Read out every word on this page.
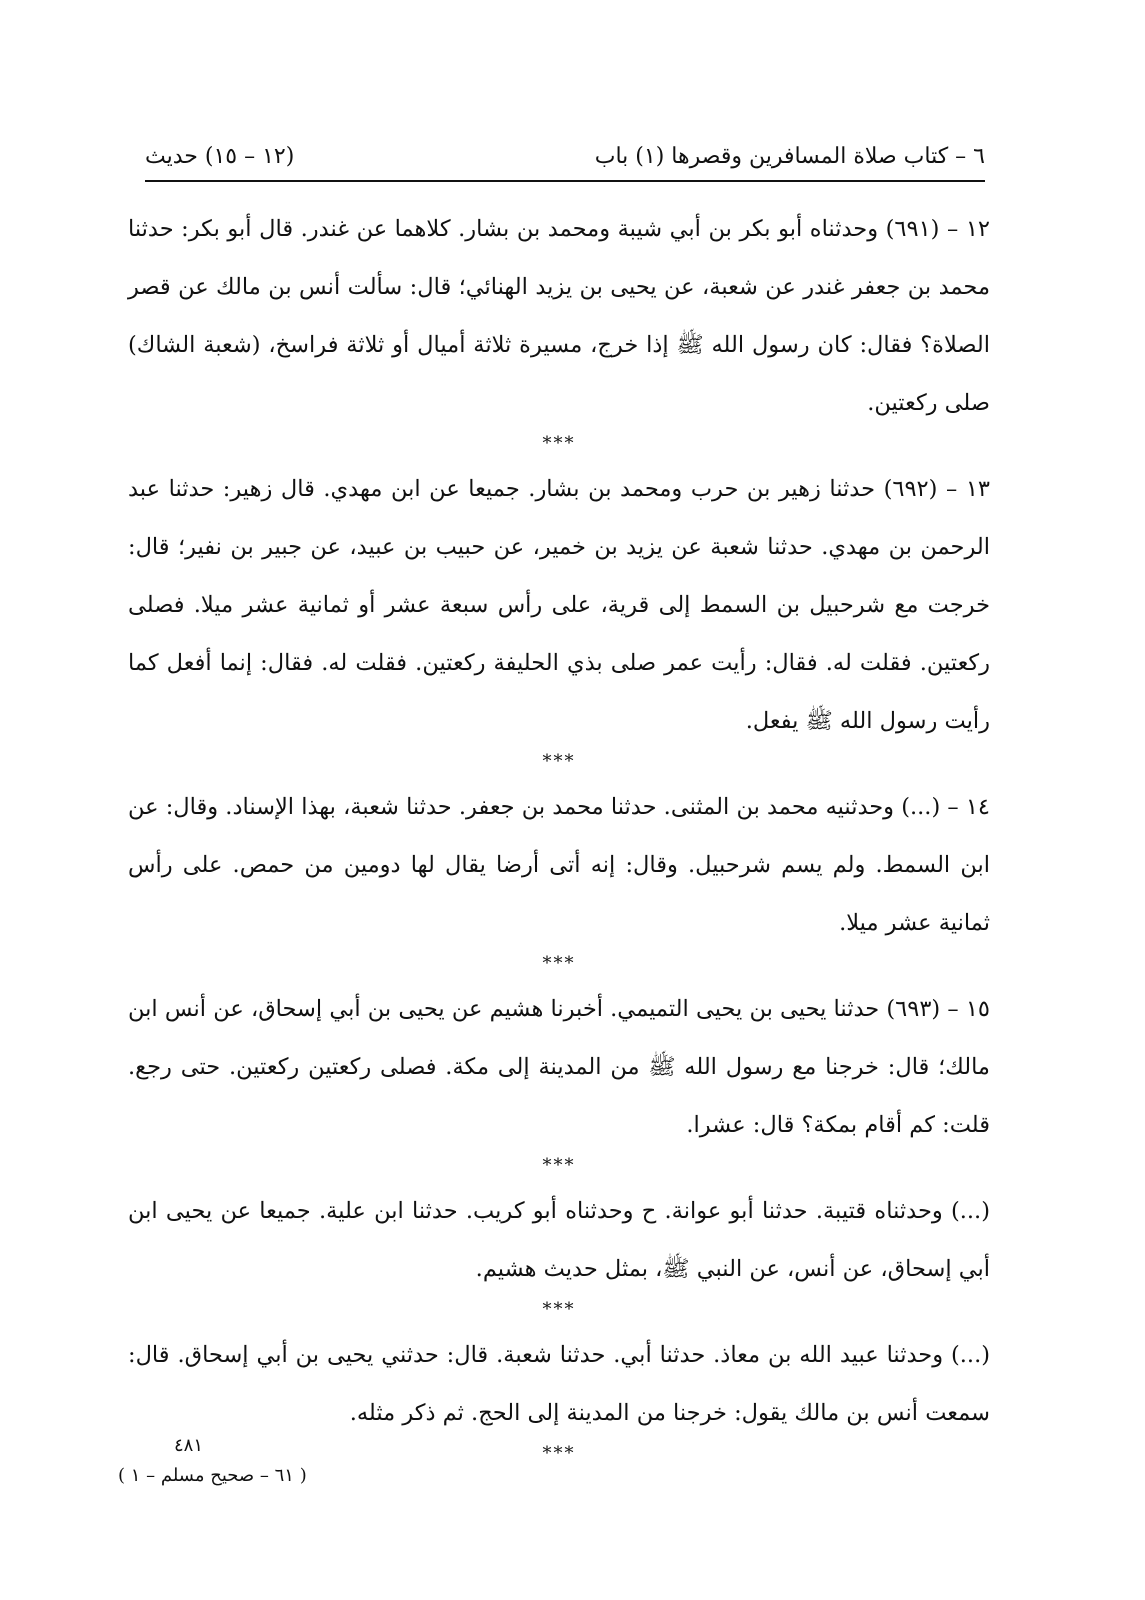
٦ – كتاب صلاة المسافرين وقصرها (١) باب
(١٢ – ١٥) حديث

١٢ – (٦٩١) وحدثناه أبو بكر بن أبي شيبة ومحمد بن بشار. كلاهما عن غندر. قال أبو بكر: حدثنا محمد بن جعفر غندر عن شعبة، عن يحيى بن يزيد الهنائي؛ قال: سألت أنس بن مالك عن قصر الصلاة؟ فقال: كان رسول الله ﷺ إذا خرج، مسيرة ثلاثة أميال أو ثلاثة فراسخ، (شعبة الشاك) صلى ركعتين.

***

١٣ – (٦٩٢) حدثنا زهير بن حرب ومحمد بن بشار. جميعا عن ابن مهدي. قال زهير: حدثنا عبد الرحمن بن مهدي. حدثنا شعبة عن يزيد بن خمير، عن حبيب بن عبيد، عن جبير بن نفير؛ قال: خرجت مع شرحبيل بن السمط إلى قرية، على رأس سبعة عشر أو ثمانية عشر ميلا. فصلى ركعتين. فقلت له. فقال: رأيت عمر صلى بذي الحليفة ركعتين. فقلت له. فقال: إنما أفعل كما رأيت رسول الله ﷺ يفعل.

***

١٤ – (...) وحدثنيه محمد بن المثنى. حدثنا محمد بن جعفر. حدثنا شعبة، بهذا الإسناد. وقال: عن ابن السمط. ولم يسم شرحبيل. وقال: إنه أتى أرضا يقال لها دومين من حمص. على رأس ثمانية عشر ميلا.

***

١٥ – (٦٩٣) حدثنا يحيى بن يحيى التميمي. أخبرنا هشيم عن يحيى بن أبي إسحاق، عن أنس ابن مالك؛ قال: خرجنا مع رسول الله ﷺ من المدينة إلى مكة. فصلى ركعتين ركعتين. حتى رجع. قلت: كم أقام بمكة؟ قال: عشرا.

***

(...) وحدثناه قتيبة. حدثنا أبو عوانة. ح وحدثناه أبو كريب. حدثنا ابن علية. جميعا عن يحيى ابن أبي إسحاق، عن أنس، عن النبي ﷺ، بمثل حديث هشيم.

***

(...) وحدثنا عبيد الله بن معاذ. حدثنا أبي. حدثنا شعبة. قال: حدثني يحيى بن أبي إسحاق. قال: سمعت أنس بن مالك يقول: خرجنا من المدينة إلى الحج. ثم ذكر مثله.

***
٤٨١
( ٦١ – صحيح مسلم – ١ )
